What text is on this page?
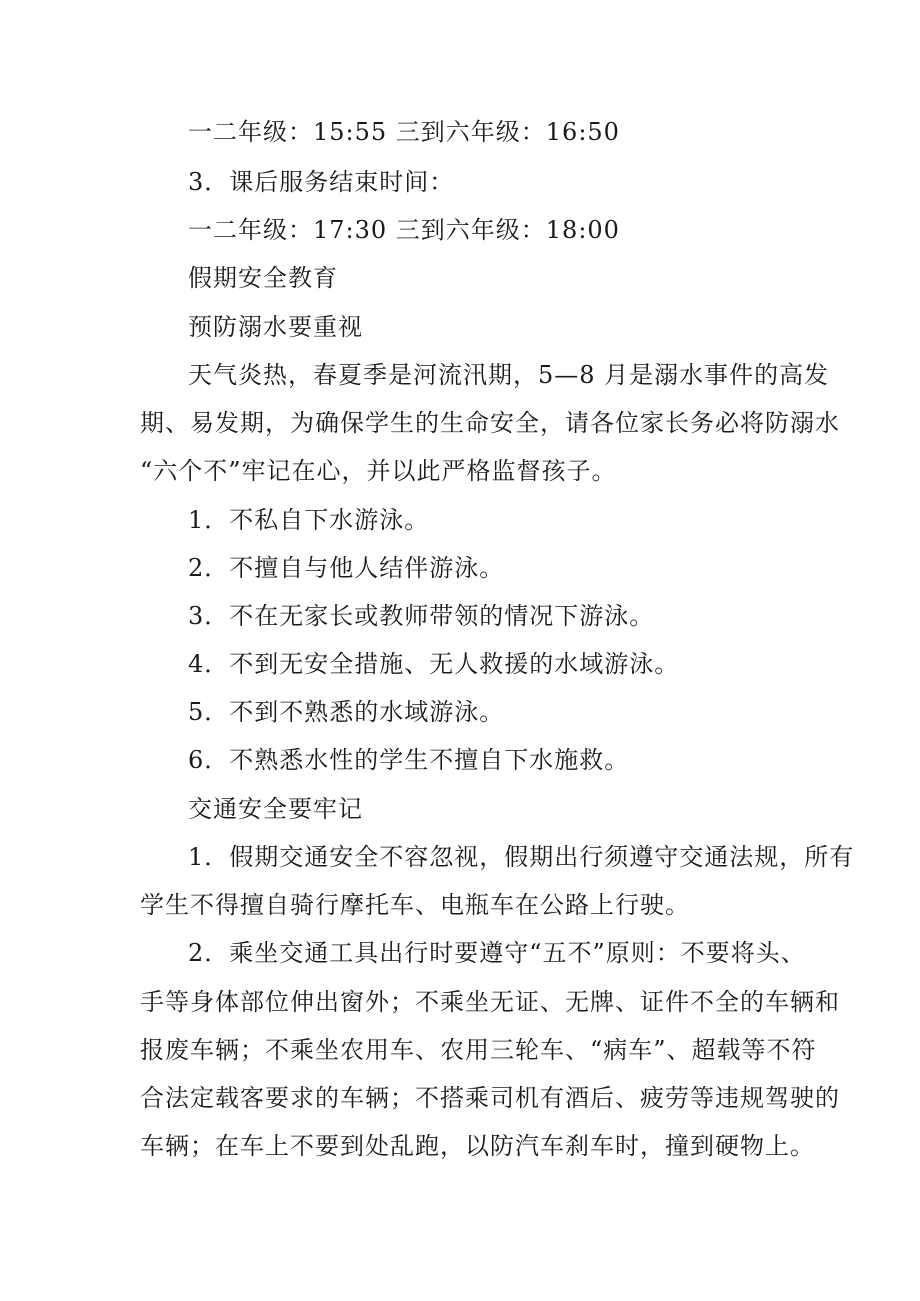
一二年级：15:55 三到六年级：16:50
3．课后服务结束时间：
一二年级：17:30 三到六年级：18:00
假期安全教育
预防溺水要重视
天气炎热，春夏季是河流汛期，5—8 月是溺水事件的高发
期、易发期，为确保学生的生命安全，请各位家长务必将防溺水
“六个不”牢记在心，并以此严格监督孩子。
1．不私自下水游泳。
2．不擅自与他人结伴游泳。
3．不在无家长或教师带领的情况下游泳。
4．不到无安全措施、无人救援的水域游泳。
5．不到不熟悉的水域游泳。
6．不熟悉水性的学生不擅自下水施救。
交通安全要牢记
1．假期交通安全不容忽视，假期出行须遵守交通法规，所有
学生不得擅自骑行摩托车、电瓶车在公路上行驶。
2．乘坐交通工具出行时要遵守“五不”原则：不要将头、
手等身体部位伸出窗外；不乘坐无证、无牌、证件不全的车辆和
报废车辆；不乘坐农用车、农用三轮车、“病车”、超载等不符
合法定载客要求的车辆；不搭乘司机有酒后、疲劳等违规驾驶的
车辆；在车上不要到处乱跑，以防汽车刹车时，撞到硬物上。
